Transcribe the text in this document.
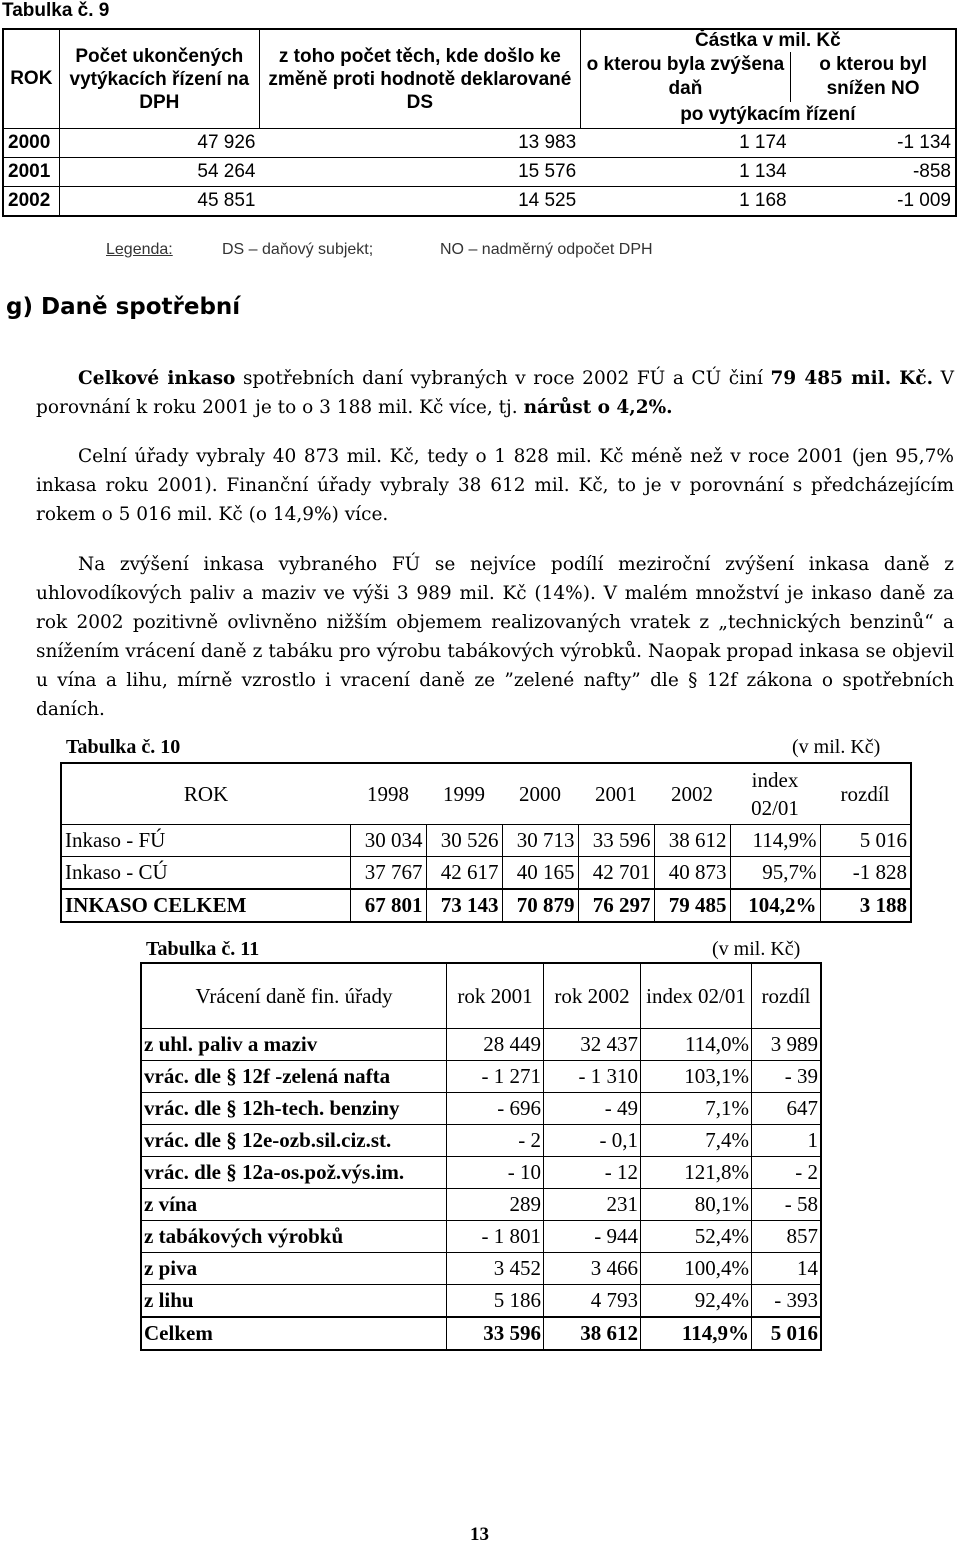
Tabulka č. 9
ROK	Počet ukončených vytýkacích řízení na DPH	z toho počet těch, kde došlo ke změně proti hodnotě deklarované DS	Částka v mil. Kč	
			o kterou byla zvýšena daň	o kterou byl snížen NO
			po vytýkacím řízení	

2000	47 926	13 983	1 174	-1 134
2001	54 264	15 576	1 134	-858
2002	45 851	14 525	1 168	-1 009
Legenda:	DS – daňový subjekt;	NO – nadměrný odpočet DPH
g) Daně spotřební
Celkové inkaso spotřebních daní vybraných v roce 2002 FÚ a CÚ činí 79 485 mil. Kč. V porovnání k roku 2001 je to o 3 188 mil. Kč více, tj. nárůst o 4,2%.
Celní úřady vybraly 40 873 mil. Kč, tedy o 1 828 mil. Kč méně než v roce 2001 (jen 95,7% inkasa roku 2001). Finanční úřady vybraly 38 612 mil. Kč, to je v porovnání s předcházejícím rokem o 5 016 mil. Kč (o 14,9%) více.
Na zvýšení inkasa vybraného FÚ se nejvíce podílí meziroční zvýšení inkasa daně z uhlovodíkových paliv a maziv ve výši 3 989 mil. Kč (14%). V malém množství je inkaso daně za rok 2002 pozitivně ovlivněno nižším objemem realizovaných vratek z „technických benzinů“ a snížením vrácení daně z tabáku pro výrobu tabákových výrobků. Naopak propad inkasa se objevil u vína a lihu, mírně vzrostlo i vracení daně ze ”zelené nafty” dle § 12f zákona o spotřebních daních.
Tabulka č. 10	(v mil. Kč)
ROK	1998	1999	2000	2001	2002	index 02/01	rozdíl
Inkaso - FÚ	30 034	30 526	30 713	33 596	38 612	114,9%	5 016
Inkaso - CÚ	37 767	42 617	40 165	42 701	40 873	95,7%	-1 828
INKASO CELKEM	67 801	73 143	70 879	76 297	79 485	104,2%	3 188
Tabulka č. 11	(v mil. Kč)
Vrácení daně fin. úřady	rok 2001	rok 2002	index 02/01	rozdíl
z uhl. paliv a maziv	28 449	32 437	114,0%	3 989
vrác. dle § 12f -zelená nafta	- 1 271	- 1 310	103,1%	- 39
vrác. dle § 12h-tech. benziny	- 696	- 49	7,1%	647
vrác. dle § 12e-ozb.sil.ciz.st.	- 2	- 0,1	7,4%	1
vrác. dle § 12a-os.pož.výs.im.	- 10	- 12	121,8%	- 2
z vína	289	231	80,1%	- 58
z tabákových výrobků	- 1 801	- 944	52,4%	857
z piva	3 452	3 466	100,4%	14
z lihu	5 186	4 793	92,4%	- 393
Celkem	33 596	38 612	114,9%	5 016
13
